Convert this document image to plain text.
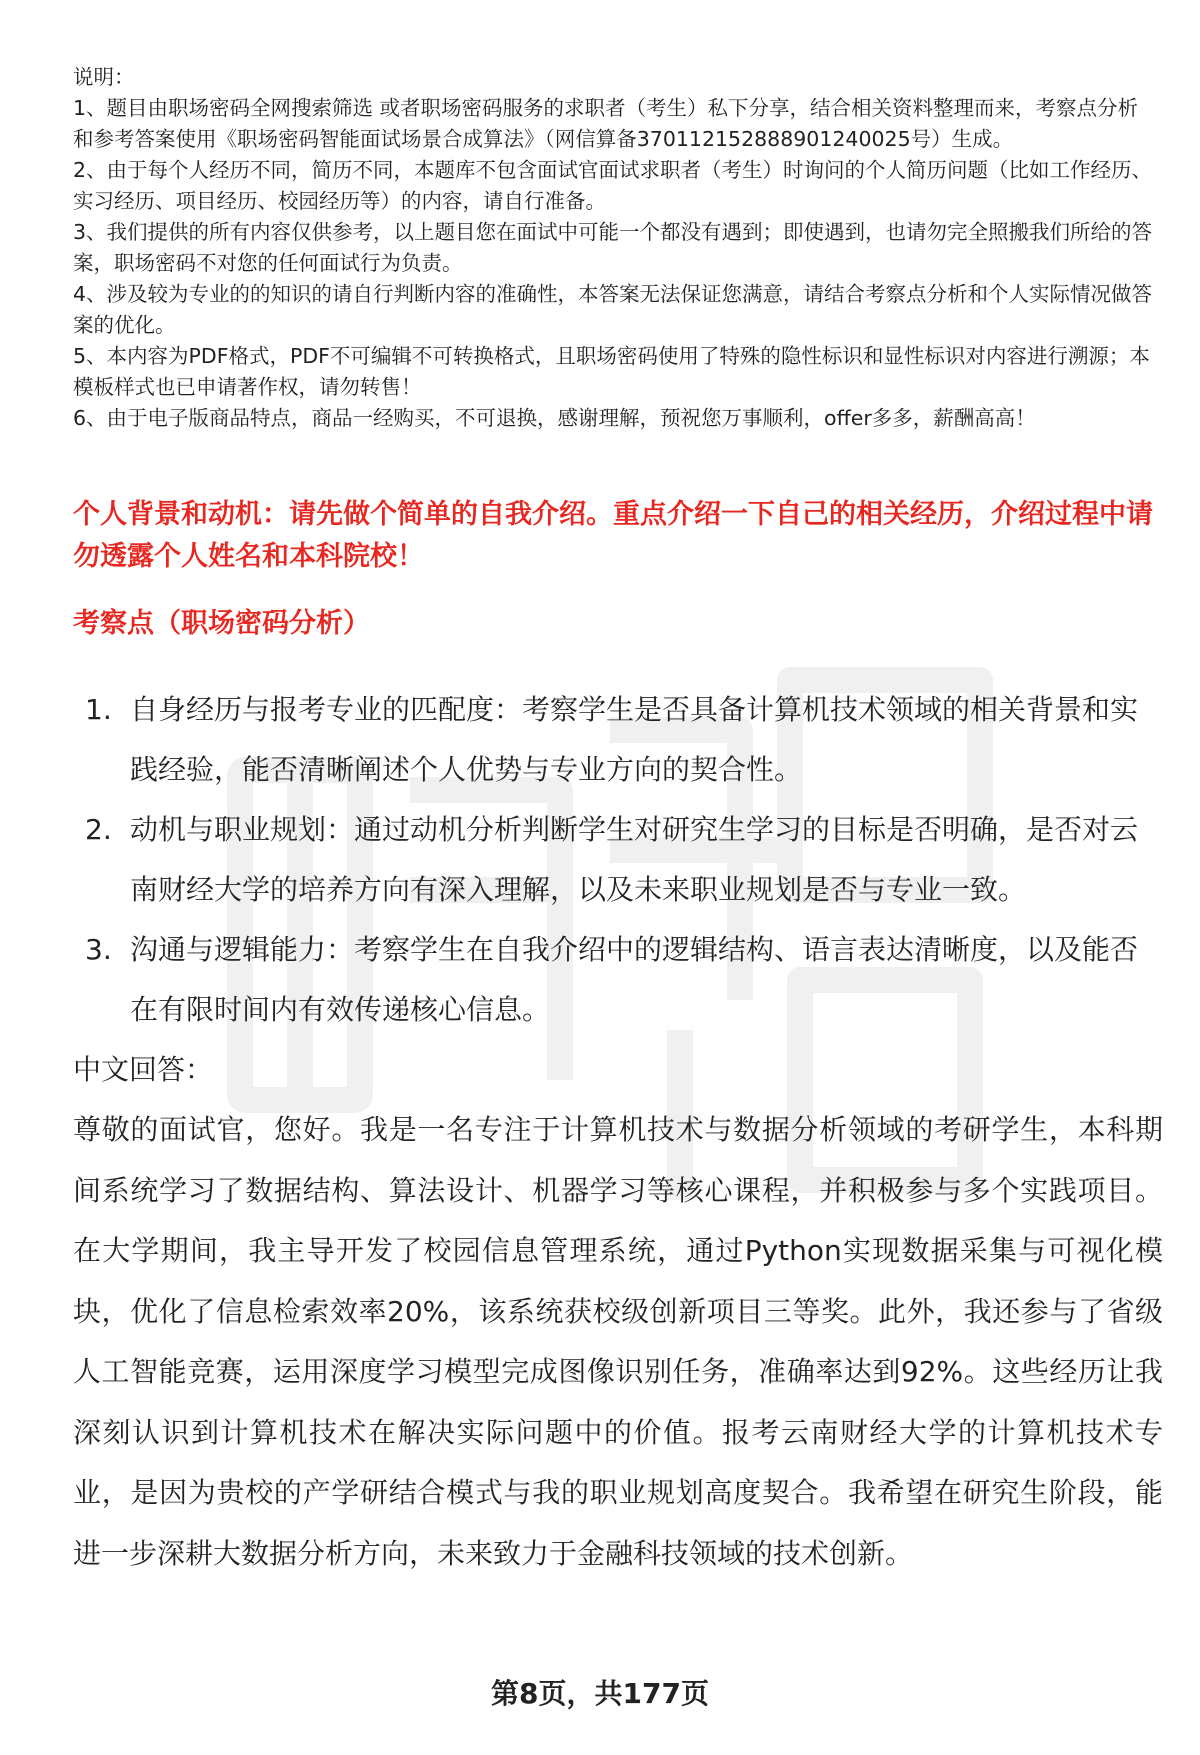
说明：

1、题目由职场密码全网搜索筛选 或者职场密码服务的求职者（考生）私下分享，结合相关资料整理而来，考察点分析和参考答案使用《职场密码智能面试场景合成算法》（网信算备370112152888901240025号）生成。

2、由于每个人经历不同，简历不同，本题库不包含面试官面试求职者（考生）时询问的个人简历问题（比如工作经历、实习经历、项目经历、校园经历等）的内容，请自行准备。

3、我们提供的所有内容仅供参考，以上题目您在面试中可能一个都没有遇到；即使遇到，也请勿完全照搬我们所给的答案，职场密码不对您的任何面试行为负责。

4、涉及较为专业的的知识的请自行判断内容的准确性，本答案无法保证您满意，请结合考察点分析和个人实际情况做答案的优化。

5、本内容为PDF格式，PDF不可编辑不可转换格式，且职场密码使用了特殊的隐性标识和显性标识对内容进行溯源；本模板样式也已申请著作权，请勿转售！

6、由于电子版商品特点，商品一经购买，不可退换，感谢理解，预祝您万事顺利，offer多多，薪酬高高！

个人背景和动机：请先做个简单的自我介绍。重点介绍一下自己的相关经历，介绍过程中请勿透露个人姓名和本科院校！

考察点（职场密码分析）

1. 自身经历与报考专业的匹配度：考察学生是否具备计算机技术领域的相关背景和实践经验，能否清晰阐述个人优势与专业方向的契合性。
2. 动机与职业规划：通过动机分析判断学生对研究生学习的目标是否明确，是否对云南财经大学的培养方向有深入理解，以及未来职业规划是否与专业一致。
3. 沟通与逻辑能力：考察学生在自我介绍中的逻辑结构、语言表达清晰度，以及能否在有限时间内有效传递核心信息。

中文回答：

尊敬的面试官，您好。我是一名专注于计算机技术与数据分析领域的考研学生，本科期间系统学习了数据结构、算法设计、机器学习等核心课程，并积极参与多个实践项目。在大学期间，我主导开发了校园信息管理系统，通过Python实现数据采集与可视化模块，优化了信息检索效率20%，该系统获校级创新项目三等奖。此外，我还参与了省级人工智能竞赛，运用深度学习模型完成图像识别任务，准确率达到92%。这些经历让我深刻认识到计算机技术在解决实际问题中的价值。报考云南财经大学的计算机技术专业，是因为贵校的产学研结合模式与我的职业规划高度契合。我希望在研究生阶段，能进一步深耕大数据分析方向，未来致力于金融科技领域的技术创新。

第8页，共177页
